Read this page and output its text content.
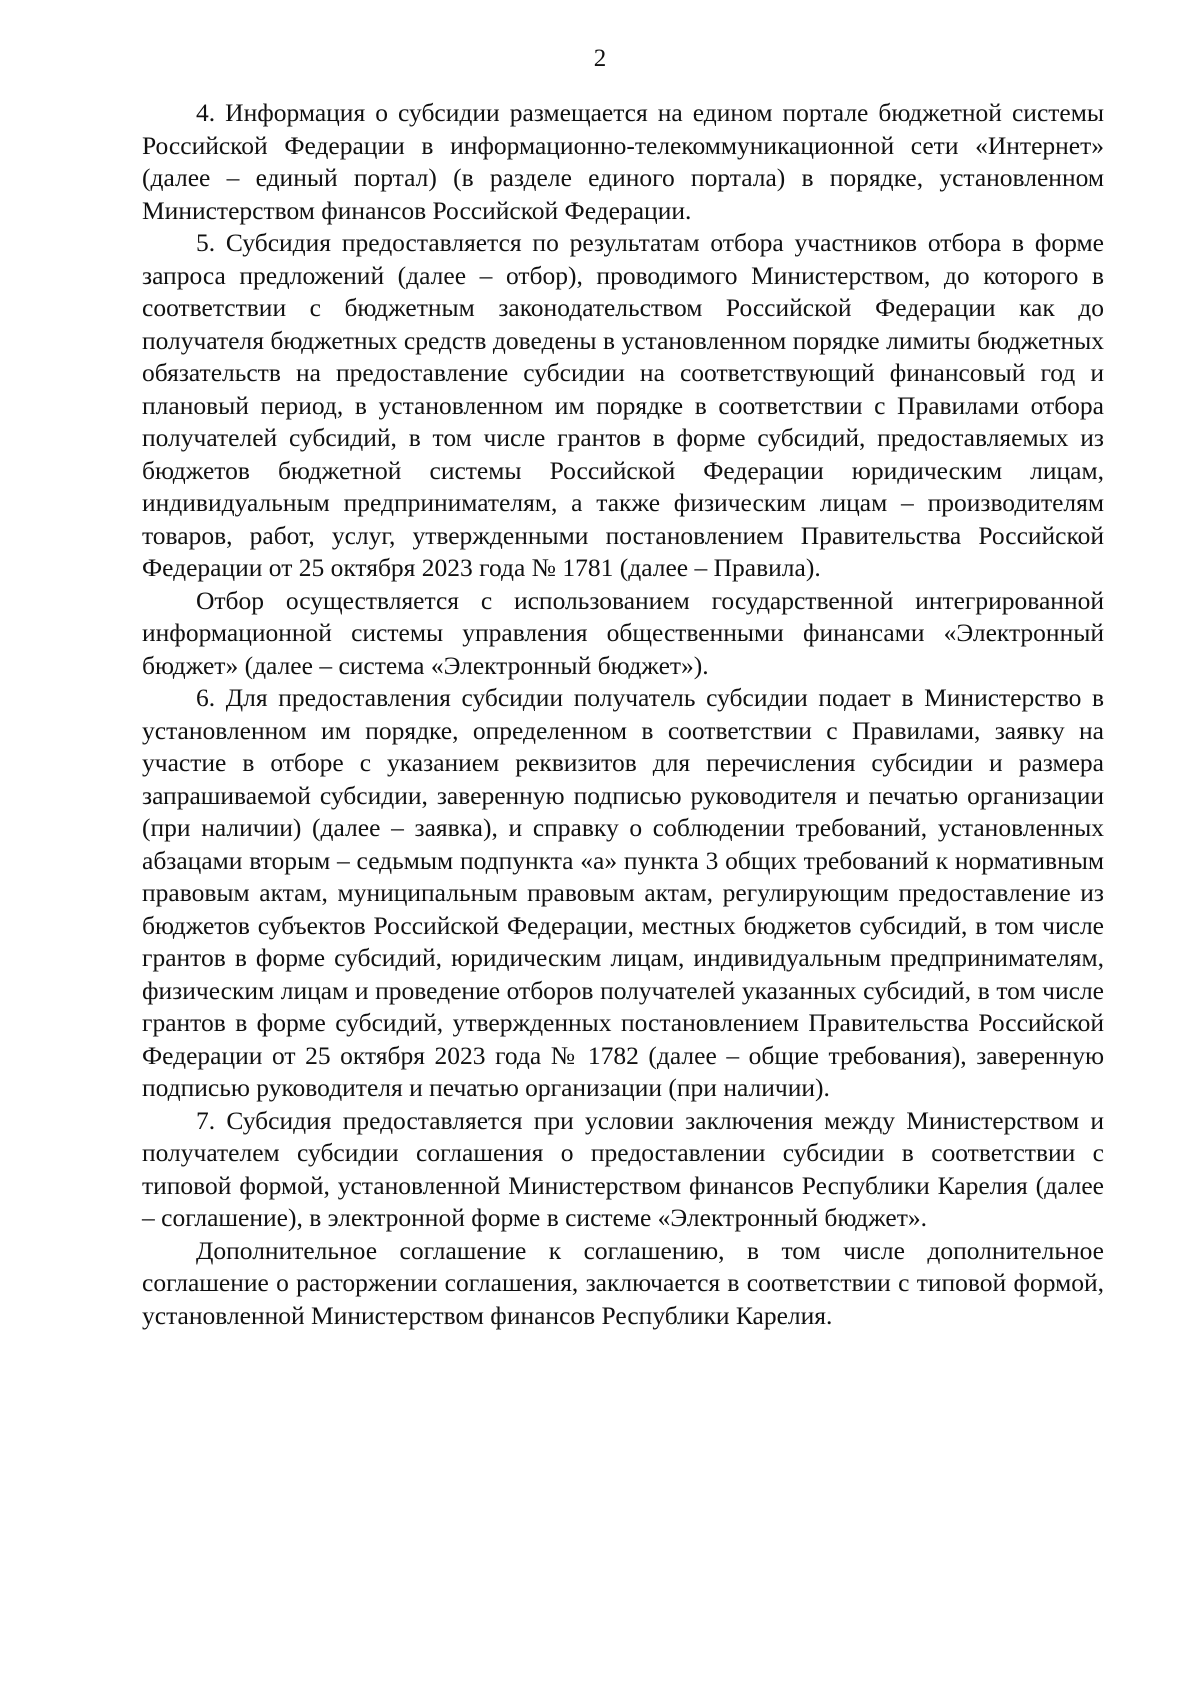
2

4. Информация о субсидии размещается на едином портале бюджетной системы Российской Федерации в информационно-телекоммуникационной сети «Интернет» (далее – единый портал) (в разделе единого портала) в порядке, установленном Министерством финансов Российской Федерации.

5. Субсидия предоставляется по результатам отбора участников отбора в форме запроса предложений (далее – отбор), проводимого Министерством, до которого в соответствии с бюджетным законодательством Российской Федерации как до получателя бюджетных средств доведены в установленном порядке лимиты бюджетных обязательств на предоставление субсидии на соответствующий финансовый год и плановый период, в установленном им порядке в соответствии с Правилами отбора получателей субсидий, в том числе грантов в форме субсидий, предоставляемых из бюджетов бюджетной системы Российской Федерации юридическим лицам, индивидуальным предпринимателям, а также физическим лицам – производителям товаров, работ, услуг, утвержденными постановлением Правительства Российской Федерации от 25 октября 2023 года № 1781 (далее – Правила).

Отбор осуществляется с использованием государственной интегрированной информационной системы управления общественными финансами «Электронный бюджет» (далее – система «Электронный бюджет»).

6. Для предоставления субсидии получатель субсидии подает в Министерство в установленном им порядке, определенном в соответствии с Правилами, заявку на участие в отборе с указанием реквизитов для перечисления субсидии и размера запрашиваемой субсидии, заверенную подписью руководителя и печатью организации (при наличии) (далее – заявка), и справку о соблюдении требований, установленных абзацами вторым – седьмым подпункта «а» пункта 3 общих требований к нормативным правовым актам, муниципальным правовым актам, регулирующим предоставление из бюджетов субъектов Российской Федерации, местных бюджетов субсидий, в том числе грантов в форме субсидий, юридическим лицам, индивидуальным предпринимателям, физическим лицам и проведение отборов получателей указанных субсидий, в том числе грантов в форме субсидий, утвержденных постановлением Правительства Российской Федерации от 25 октября 2023 года № 1782 (далее – общие требования), заверенную подписью руководителя и печатью организации (при наличии).

7. Субсидия предоставляется при условии заключения между Министерством и получателем субсидии соглашения о предоставлении субсидии в соответствии с типовой формой, установленной Министерством финансов Республики Карелия (далее – соглашение), в электронной форме в системе «Электронный бюджет».

Дополнительное соглашение к соглашению, в том числе дополнительное соглашение о расторжении соглашения, заключается в соответствии с типовой формой, установленной Министерством финансов Республики Карелия.
